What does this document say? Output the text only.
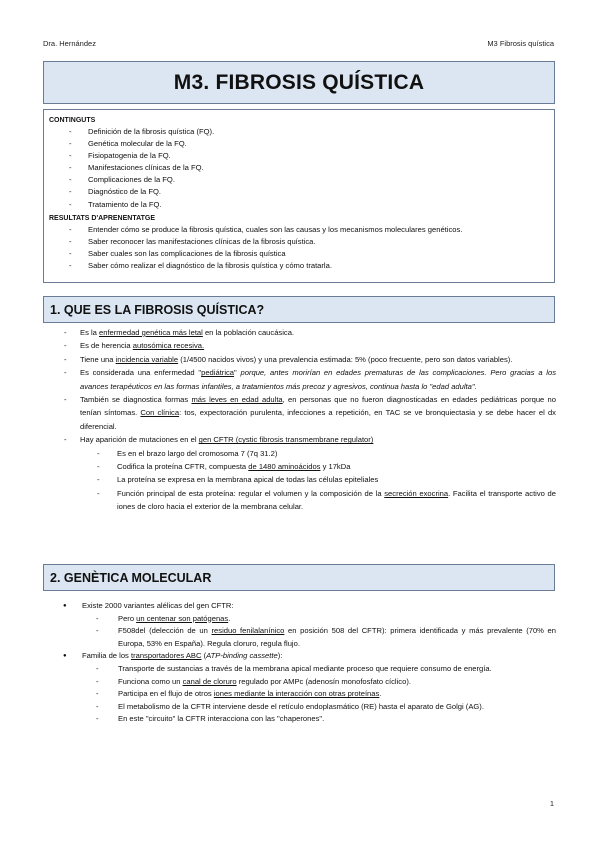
Dra. Hernández	M3 Fibrosis quística
M3. FIBROSIS QUÍSTICA
CONTINGUTS
- Definición de la fibrosis quística (FQ).
- Genética molecular de la FQ.
- Fisiopatogenia de la FQ.
- Manifestaciones clínicas de la FQ.
- Complicaciones de la FQ.
- Diagnóstico de la FQ.
- Tratamiento de la FQ.
RESULTATS D'APRENENTATGE
- Entender cómo se produce la fibrosis quística, cuales son las causas y los mecanismos moleculares genéticos.
- Saber reconocer las manifestaciones clínicas de la fibrosis quística.
- Saber cuales son las complicaciones de la fibrosis quística
- Saber cómo realizar el diagnóstico de la fibrosis quística y cómo tratarla.
1. QUE ES LA FIBROSIS QUÍSTICA?
- Es la enfermedad genética más letal en la población caucásica.
- Es de herencia autosómica recesiva.
- Tiene una incidencia variable (1/4500 nacidos vivos) y una prevalencia estimada: 5% (poco frecuente, pero son datos variables).
- Es considerada una enfermedad "pediátrica" porque, antes morirían en edades prematuras de las complicaciones. Pero gracias a los avances terapéuticos en las formas infantiles, a tratamientos más precoz y agresivos, continua hasta lo "edad adulta".
- También se diagnostica formas más leves en edad adulta, en personas que no fueron diagnosticadas en edades pediátricas porque no tenían síntomas. Con clínica: tos, expectoración purulenta, infecciones a repetición, en TAC se ve bronquiectasia y se debe hacer el dx diferencial.
- Hay aparición de mutaciones en el gen CFTR (cystic fibrosis transmembrane regulator)
- Es en el brazo largo del cromosoma 7 (7q 31.2)
- Codifica la proteína CFTR, compuesta de 1480 aminoácidos y 17kDa
- La proteína se expresa en la membrana apical de todas las células epiteliales
- Función principal de esta proteína: regular el volumen y la composición de la secreción exocrina. Facilita el transporte activo de iones de cloro hacia el exterior de la membrana celular.
2. GENÈTICA MOLECULAR
● Existe 2000 variantes alélicas del gen CFTR:
- Pero un centenar son patógenas.
- F508del (delección de un residuo fenilalanínico en posición 508 del CFTR): primera identificada y más prevalente (70% en Europa, 53% en España). Regula cloruro, regula flujo.
● Familia de los transportadores ABC (ATP-binding cassette):
- Transporte de sustancias a través de la membrana apical mediante proceso que requiere consumo de energía.
- Funciona como un canal de cloruro regulado por AMPc (adenosín monofosfato cíclico).
- Participa en el flujo de otros iones mediante la interacción con otras proteínas.
- El metabolismo de la CFTR interviene desde el retículo endoplasmático (RE) hasta el aparato de Golgi (AG).
- En este "circuito" la CFTR interacciona con las "chaperones".
1
